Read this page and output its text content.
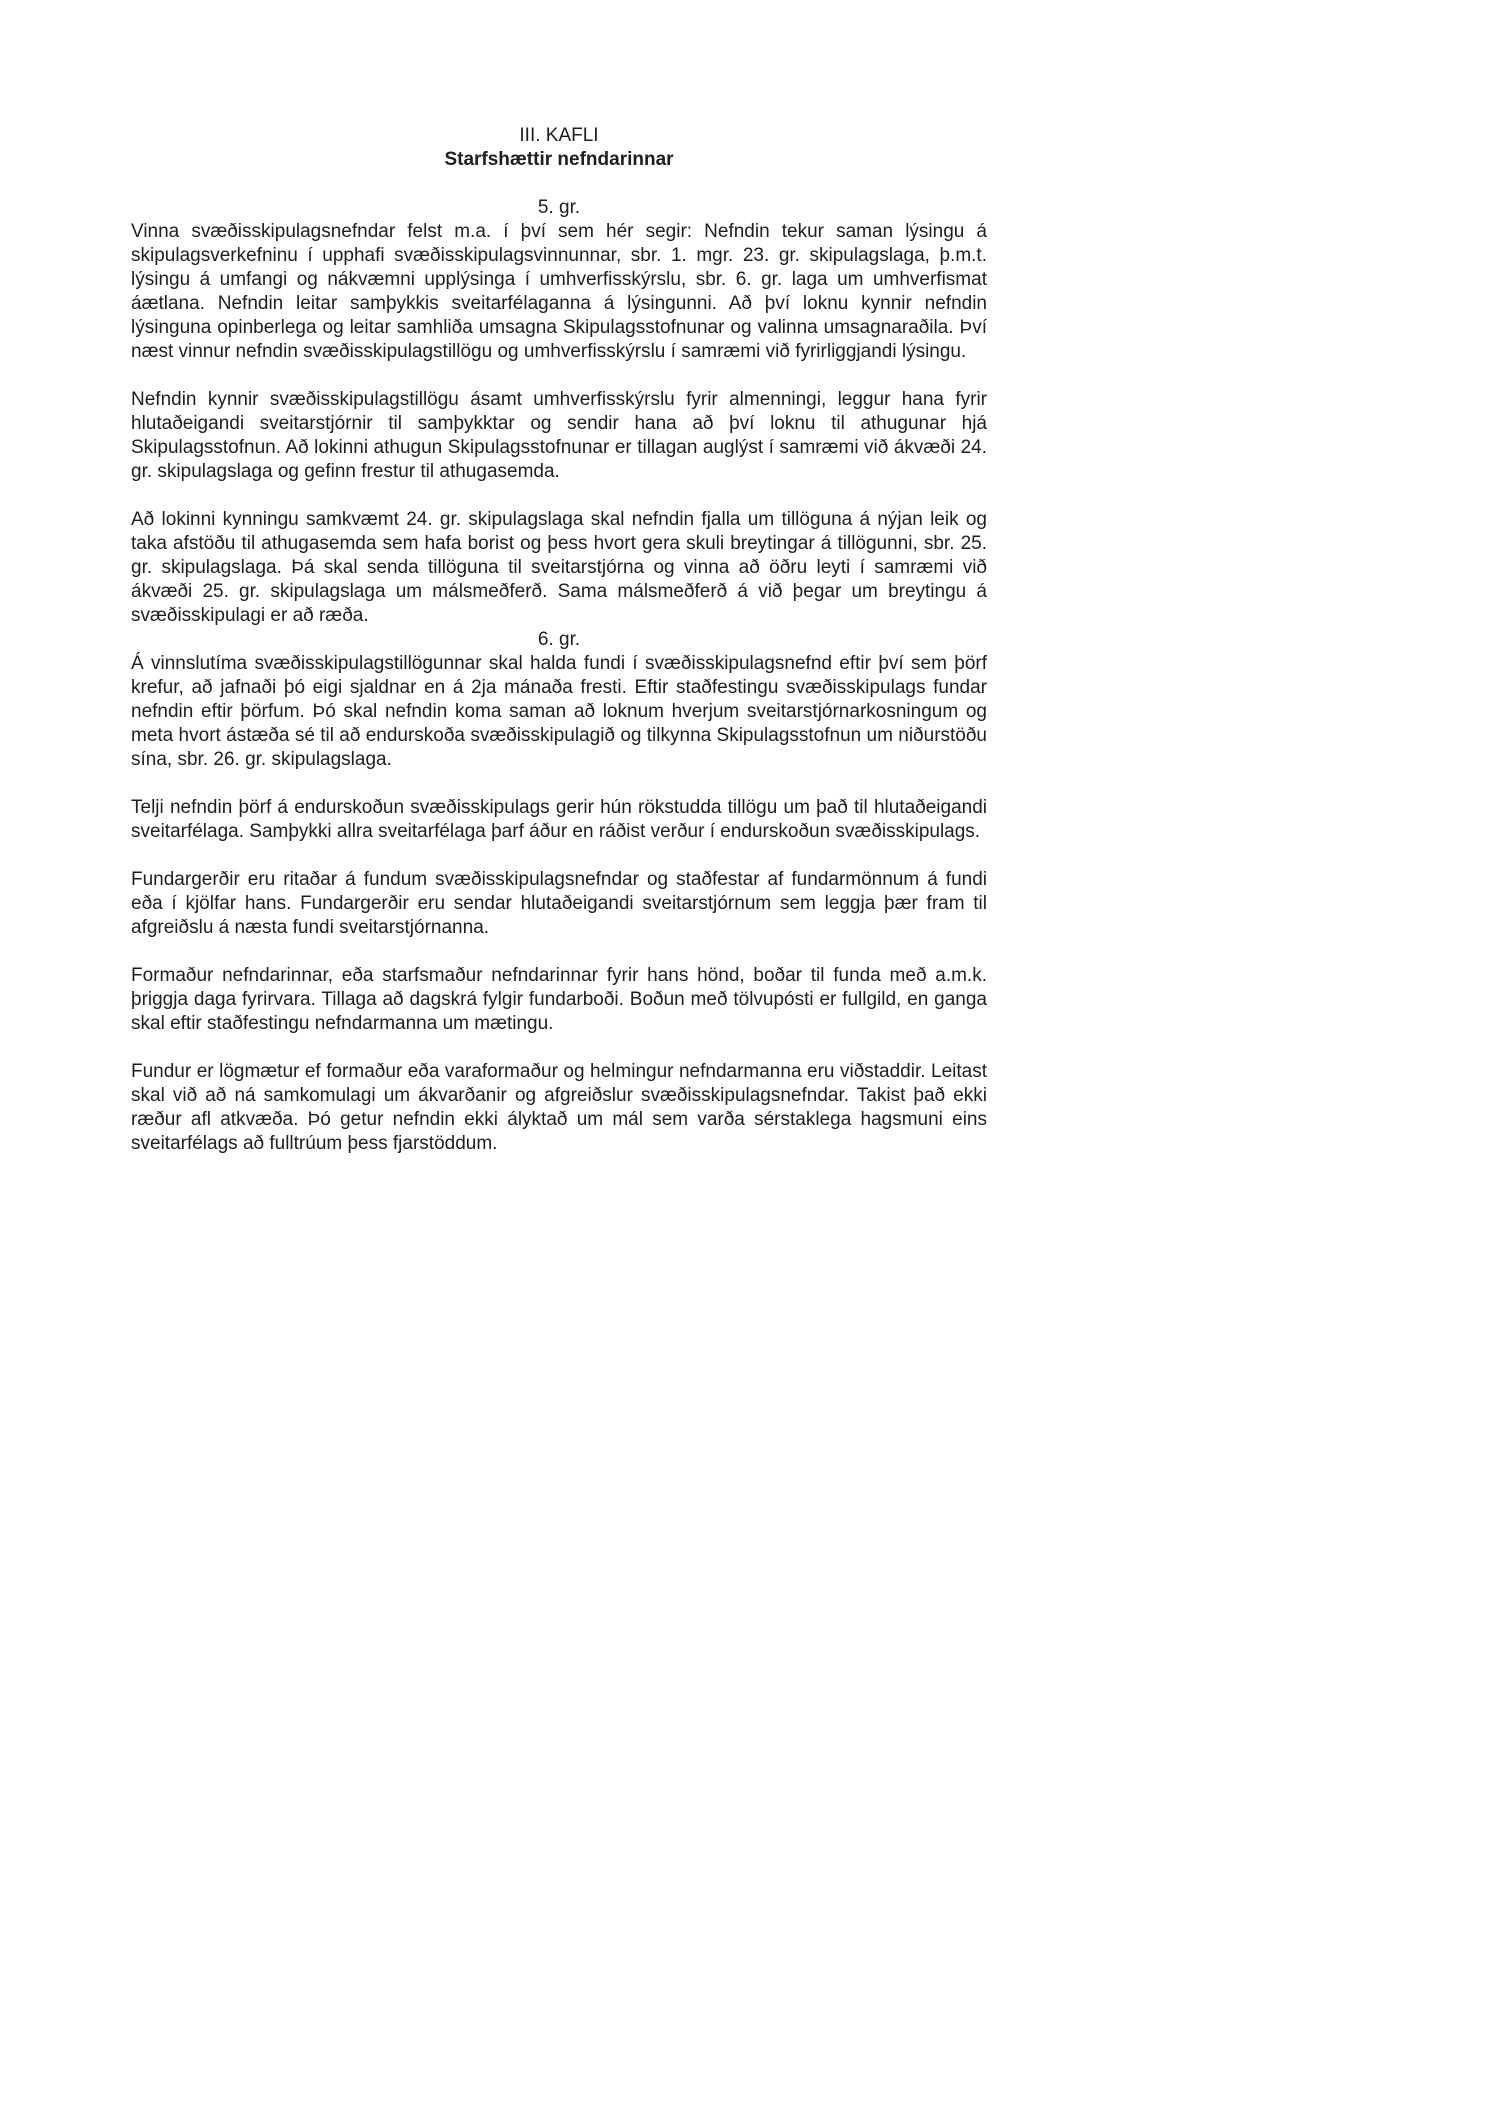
III. KAFLI
Starfshættir nefndarinnar
5. gr.

Vinna svæðisskipulagsnefndar felst m.a. í því sem hér segir: Nefndin tekur saman lýsingu á skipulagsverkefninu í upphafi svæðisskipulagsvinnunnar, sbr. 1. mgr. 23. gr. skipulagslaga, þ.m.t. lýsingu á umfangi og nákvæmni upplýsinga í umhverfisskýrslu, sbr. 6. gr. laga um umhverfismat áætlana. Nefndin leitar samþykkis sveitarfélaganna á lýsingunni. Að því loknu kynnir nefndin lýsinguna opinberlega og leitar samhliða umsagna Skipulagsstofnunar og valinna umsagnaraðila. Því næst vinnur nefndin svæðisskipulagstillögu og umhverfisskýrslu í samræmi við fyrirliggjandi lýsingu.

Nefndin kynnir svæðisskipulagstillögu ásamt umhverfisskýrslu fyrir almenningi, leggur hana fyrir hlutaðeigandi sveitarstjórnir til samþykktar og sendir hana að því loknu til athugunar hjá Skipulagsstofnun. Að lokinni athugun Skipulagsstofnunar er tillagan auglýst í samræmi við ákvæði 24. gr. skipulagslaga og gefinn frestur til athugasemda.

Að lokinni kynningu samkvæmt 24. gr. skipulagslaga skal nefndin fjalla um tillöguna á nýjan leik og taka afstöðu til athugasemda sem hafa borist og þess hvort gera skuli breytingar á tillögunni, sbr. 25. gr. skipulagslaga. Þá skal senda tillöguna til sveitarstjórna og vinna að öðru leyti í samræmi við ákvæði 25. gr. skipulagslaga um málsmeðferð. Sama málsmeðferð á við þegar um breytingu á svæðisskipulagi er að ræða.

6. gr.

Á vinnslutíma svæðisskipulagstillögunnar skal halda fundi í svæðisskipulagsnefnd eftir því sem þörf krefur, að jafnaði þó eigi sjaldnar en á 2ja mánaða fresti. Eftir staðfestingu svæðisskipulags fundar nefndin eftir þörfum. Þó skal nefndin koma saman að loknum hverjum sveitarstjórnarkosningum og meta hvort ástæða sé til að endurskoða svæðisskipulagið og tilkynna Skipulagsstofnun um niðurstöðu sína, sbr. 26. gr. skipulagslaga.

Telji nefndin þörf á endurskoðun svæðisskipulags gerir hún rökstudda tillögu um það til hlutaðeigandi sveitarfélaga. Samþykki allra sveitarfélaga þarf áður en ráðist verður í endurskoðun svæðisskipulags.

Fundargerðir eru ritaðar á fundum svæðisskipulagsnefndar og staðfestar af fundarmönnum á fundi eða í kjölfar hans. Fundargerðir eru sendar hlutaðeigandi sveitarstjórnum sem leggja þær fram til afgreiðslu á næsta fundi sveitarstjórnanna.

Formaður nefndarinnar, eða starfsmaður nefndarinnar fyrir hans hönd, boðar til funda með a.m.k. þriggja daga fyrirvara. Tillaga að dagskrá fylgir fundarboði. Boðun með tölvupósti er fullgild, en ganga skal eftir staðfestingu nefndarmanna um mætingu.

Fundur er lögmætur ef formaður eða varaformaður og helmingur nefndarmanna eru viðstaddir. Leitast skal við að ná samkomulagi um ákvarðanir og afgreiðslur svæðisskipulagsnefndar. Takist það ekki ræður afl atkvæða. Þó getur nefndin ekki ályktað um mál sem varða sérstaklega hagsmuni eins sveitarfélags að fulltrúum þess fjarstöddum.
